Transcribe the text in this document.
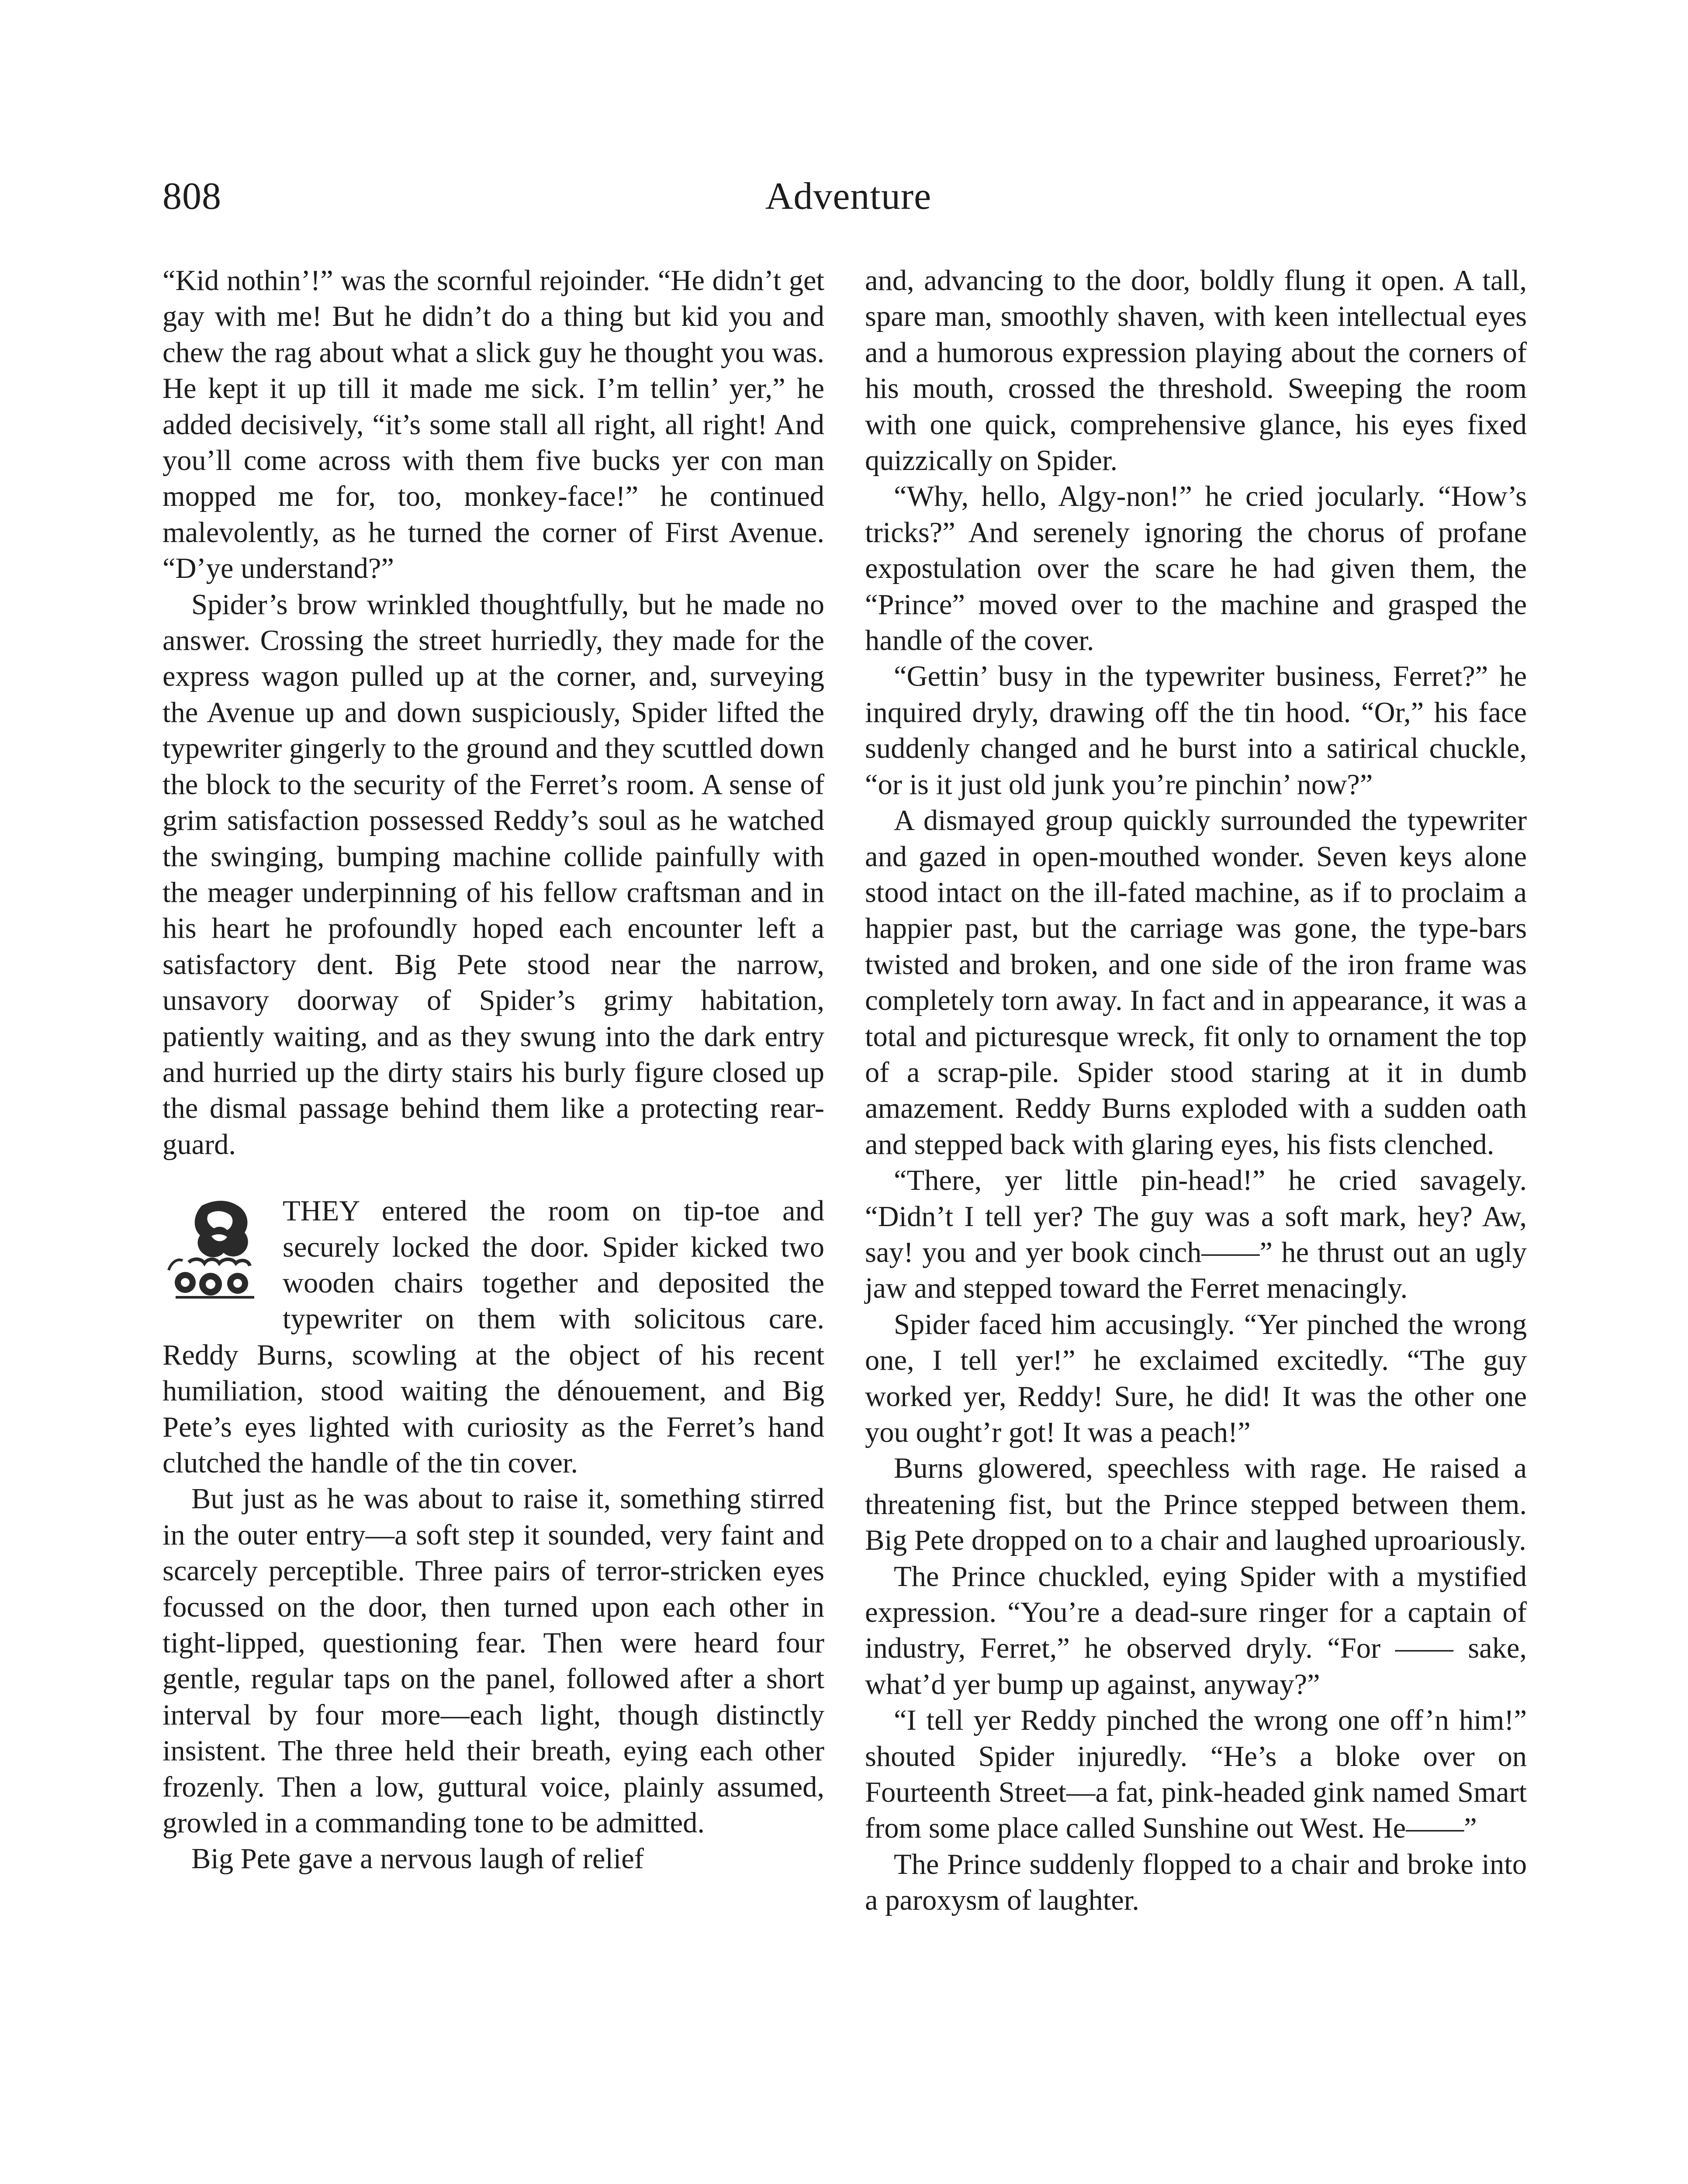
808	Adventure

“Kid nothin’!” was the scornful rejoinder. “He didn’t get gay with me! But he didn’t do a thing but kid you and chew the rag about what a slick guy he thought you was. He kept it up till it made me sick. I’m tellin’ yer,” he added decisively, “it’s some stall all right, all right! And you’ll come across with them five bucks yer con man mopped me for, too, monkey-face!” he continued malevolently, as he turned the corner of First Avenue. “D’ye understand?”

Spider’s brow wrinkled thoughtfully, but he made no answer. Crossing the street hurriedly, they made for the express wagon pulled up at the corner, and, surveying the Avenue up and down suspiciously, Spider lifted the typewriter gingerly to the ground and they scuttled down the block to the security of the Ferret’s room. A sense of grim satisfaction possessed Reddy’s soul as he watched the swinging, bumping machine collide painfully with the meager underpinning of his fellow craftsman and in his heart he profoundly hoped each encounter left a satisfactory dent. Big Pete stood near the narrow, unsavory doorway of Spider’s grimy habitation, patiently waiting, and as they swung into the dark entry and hurried up the dirty stairs his burly figure closed up the dismal passage behind them like a protecting rear-guard.

THEY entered the room on tip-toe and securely locked the door. Spider kicked two wooden chairs together and deposited the typewriter on them with solicitous care. Reddy Burns, scowling at the object of his recent humiliation, stood waiting the dénouement, and Big Pete’s eyes lighted with curiosity as the Ferret’s hand clutched the handle of the tin cover.

But just as he was about to raise it, something stirred in the outer entry—a soft step it sounded, very faint and scarcely perceptible. Three pairs of terror-stricken eyes focussed on the door, then turned upon each other in tight-lipped, questioning fear. Then were heard four gentle, regular taps on the panel, followed after a short interval by four more—each light, though distinctly insistent. The three held their breath, eying each other frozenly. Then a low, guttural voice, plainly assumed, growled in a commanding tone to be admitted.

Big Pete gave a nervous laugh of relief

and, advancing to the door, boldly flung it open. A tall, spare man, smoothly shaven, with keen intellectual eyes and a humorous expression playing about the corners of his mouth, crossed the threshold. Sweeping the room with one quick, comprehensive glance, his eyes fixed quizzically on Spider.

“Why, hello, Algy-non!” he cried jocularly. “How’s tricks?” And serenely ignoring the chorus of profane expostulation over the scare he had given them, the “Prince” moved over to the machine and grasped the handle of the cover.

“Gettin’ busy in the typewriter business, Ferret?” he inquired dryly, drawing off the tin hood. “Or,” his face suddenly changed and he burst into a satirical chuckle, “or is it just old junk you’re pinchin’ now?”

A dismayed group quickly surrounded the typewriter and gazed in open-mouthed wonder. Seven keys alone stood intact on the ill-fated machine, as if to proclaim a happier past, but the carriage was gone, the type-bars twisted and broken, and one side of the iron frame was completely torn away. In fact and in appearance, it was a total and picturesque wreck, fit only to ornament the top of a scrap-pile. Spider stood staring at it in dumb amazement. Reddy Burns exploded with a sudden oath and stepped back with glaring eyes, his fists clenched.

“There, yer little pin-head!” he cried savagely. “Didn’t I tell yer? The guy was a soft mark, hey? Aw, say! you and yer book cinch——” he thrust out an ugly jaw and stepped toward the Ferret menacingly.

Spider faced him accusingly. “Yer pinched the wrong one, I tell yer!” he exclaimed excitedly. “The guy worked yer, Reddy! Sure, he did! It was the other one you ought’r got! It was a peach!”

Burns glowered, speechless with rage. He raised a threatening fist, but the Prince stepped between them. Big Pete dropped on to a chair and laughed uproariously.

The Prince chuckled, eying Spider with a mystified expression. “You’re a dead-sure ringer for a captain of industry, Ferret,” he observed dryly. “For —— sake, what’d yer bump up against, anyway?”

“I tell yer Reddy pinched the wrong one off’n him!” shouted Spider injuredly. “He’s a bloke over on Fourteenth Street—a fat, pink-headed gink named Smart from some place called Sunshine out West. He——”

The Prince suddenly flopped to a chair and broke into a paroxysm of laughter.
